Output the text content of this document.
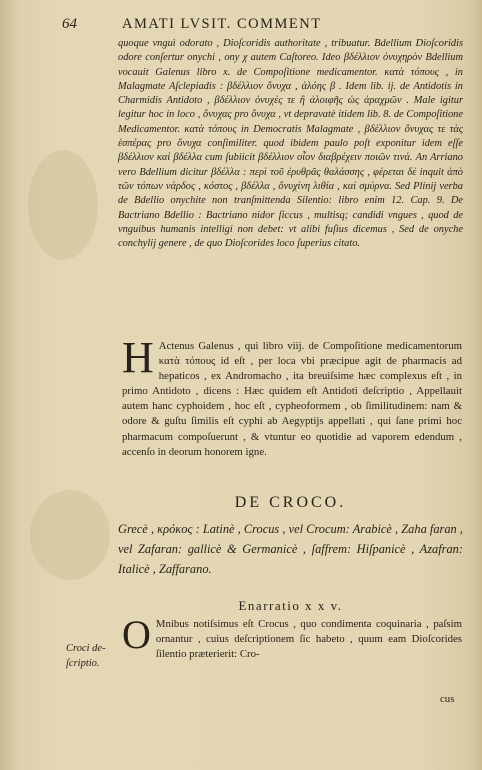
64	AMATI LVSIT. COMMENT

quoque vnguì odorato , Dioſcoridis authoritate , tribuatur. Bdellium Dioſcoridis odore conſertur onychi , ony χ autem Caſtoreo. Ideo βδέλλιον ὀνυχηρὸν Bdellium vocauit Galenus libro x. de Compoſitione medicamentor. κατὰ τόπους , in Malagmate Aſclepiadis : βδέλλιον ὄνυχα , ἀλόης β . Idem lib. ij. de Antidotis in Charmidis Antidoto , βδέλλιον ὀνυχὲς τε ἢ ἀλοιφῆς ὡς ἀραχμῶν . Male igitur legitur hoc in loco , ὄνυχας pro ὄνυχα , vt depravatè itidem lib. 8. de Compoſitione Medicamentor. κατὰ τόπους in Democratis Malagmate , βδέλλιον ὄνυχας τε τὰς ἑσπέρας pro ὄνυχα conſimiliter. quod ibidem paulo poſt exponitur idem eſſe βδέλλιον καὶ βδέλλα cum ſubiicit βδέλλιον οἷον διαβρέχειν ποιῶν τινά. An Arriano vero Bdellium dicitur βδέλλα : περὶ τοῦ ἐρυθρᾶς θαλάσσης , φέρεται δὲ inquit ἀπὸ τῶν τόπων νάρδος , κόστος , βδέλλα , ὄνυχίνη λιθία , καὶ σμύρνα. Sed Plinij verba de Bdellio onychite non tranſmittenda Silentio: libro enim 12. Cap. 9. De Bactriano Bdellio : Bactriano nidor ſiccus , multisq; candidi vngues , quod de vnguibus humanis intelligi non debet: vt alibi fuſius dicemus , Sed de onyche conchylij genere , de quo Dioſcorides loco ſuperius citato.

H Actenus Galenus , qui libro viij. de Compoſitione medicamentorum κατὰ τόπους id eſt , per loca vbi præcipue agit de pharmacis ad hepaticos , ex Andromacho , ita breuiſsime hæc complexus eſt , in primo Antidoto , dicens : Hæc quidem eſt Antidoti deſcriptio , Appellauit autem hanc cyphoidem , hoc eſt , cypheoformem , ob ſimilitudinem: nam & odore & guſtu ſimilis eſt cyphi ab Aegyptijs appellati , qui ſane primi hoc pharmacum compoſuerunt , & vtuntur eo quotidie ad vaporem edendum , accenſo in deorum honorem igne.

DE CROCO.

Grecè , κρόκος : Latinè , Crocus , vel Crocum: Arabicè , Zaha faran , vel Zafaran: gallicè & Germanicè , ſaffrem: Hiſpanicè , Azafran: Italicè , Zaffarano.

Enarratio x x v.
Croci de-
ſcriptio.

O Mnibus notiſsimus eſt Crocus , quo condimenta coquinaria , paſsim ornantur , cuius deſcriptionem ſic habeto , quum eam Dioſcorides ſilentio præterierit: Cro-

cus
